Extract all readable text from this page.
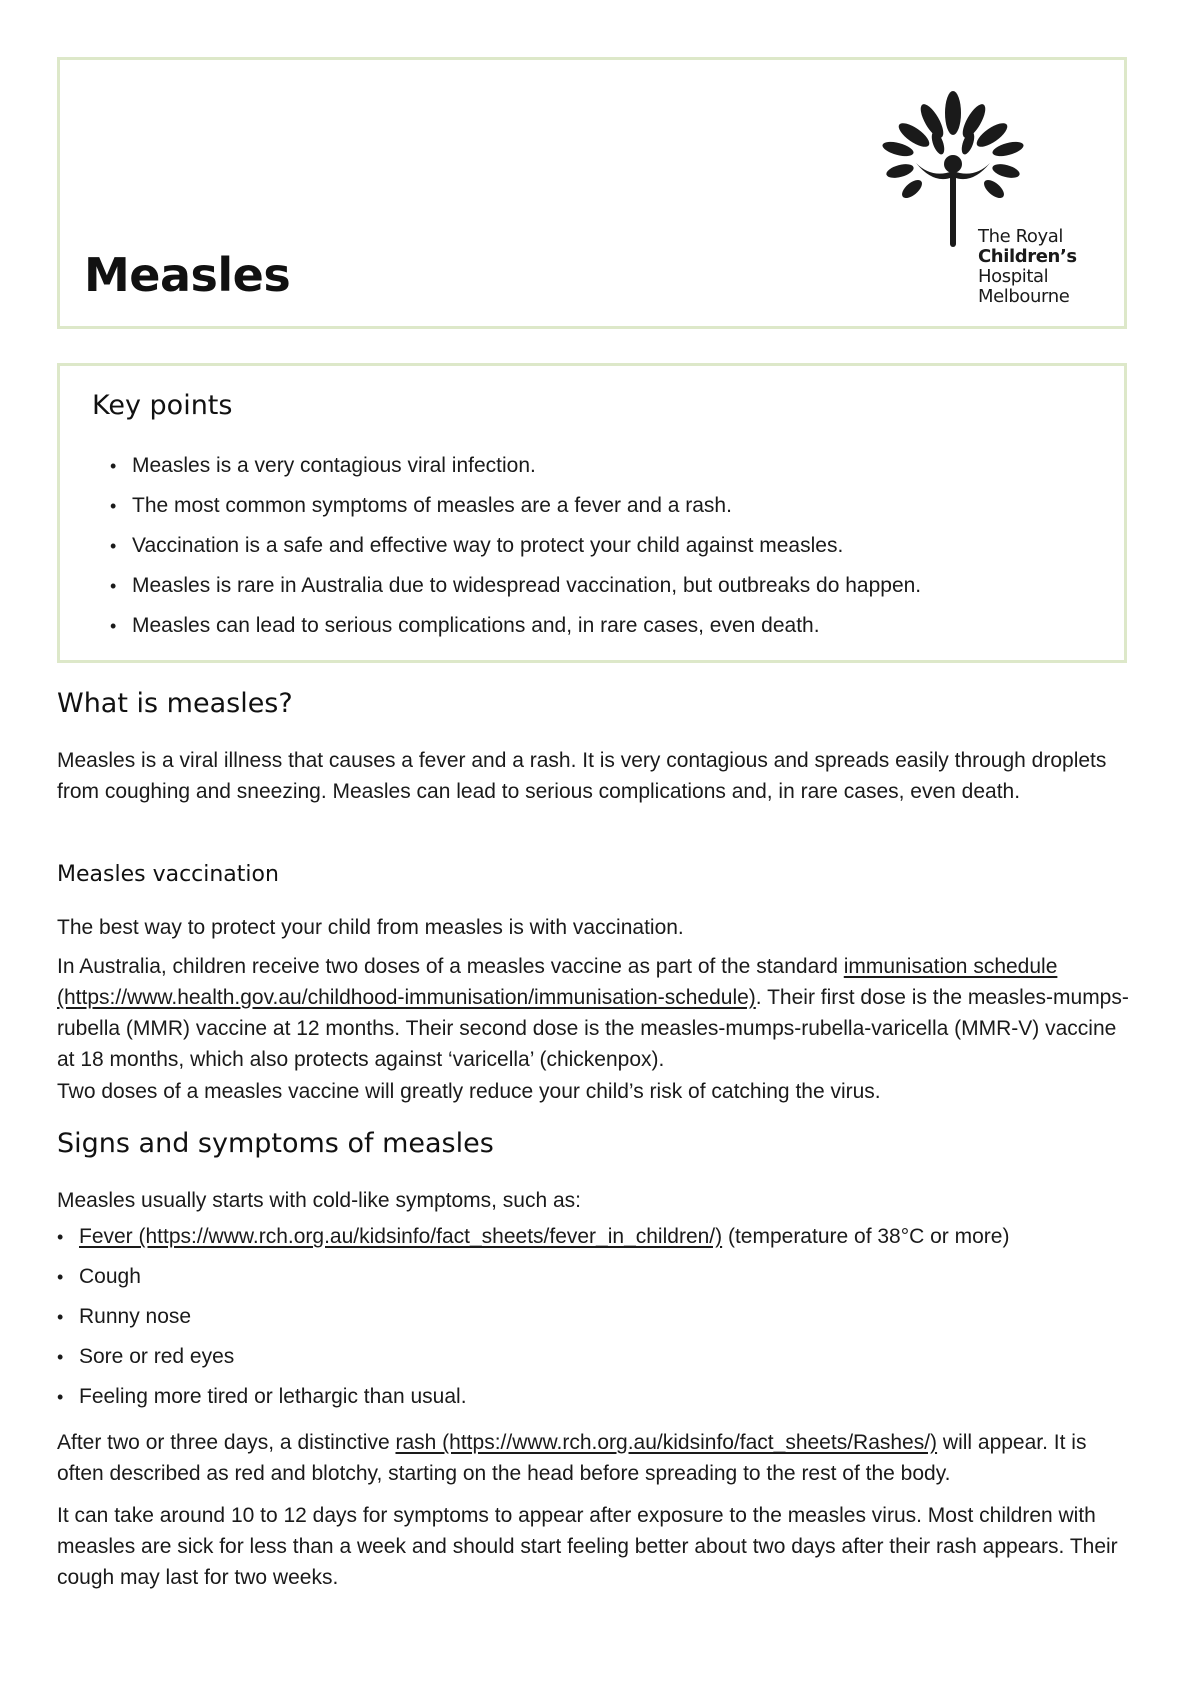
Measles
The Royal
Children’s
Hospital
Melbourne
Key points
• Measles is a very contagious viral infection.
• The most common symptoms of measles are a fever and a rash.
• Vaccination is a safe and effective way to protect your child against measles.
• Measles is rare in Australia due to widespread vaccination, but outbreaks do happen.
• Measles can lead to serious complications and, in rare cases, even death.
What is measles?

Measles is a viral illness that causes a fever and a rash. It is very contagious and spreads easily through droplets from coughing and sneezing. Measles can lead to serious complications and, in rare cases, even death.

Measles vaccination

The best way to protect your child from measles is with vaccination.

In Australia, children receive two doses of a measles vaccine as part of the standard immunisation schedule (https://www.health.gov.au/childhood-immunisation/immunisation-schedule). Their first dose is the measles-mumps-rubella (MMR) vaccine at 12 months. Their second dose is the measles-mumps-rubella-varicella (MMR-V) vaccine at 18 months, which also protects against ‘varicella’ (chickenpox).

Two doses of a measles vaccine will greatly reduce your child’s risk of catching the virus.

Signs and symptoms of measles

Measles usually starts with cold-like symptoms, such as:

• Fever (https://www.rch.org.au/kidsinfo/fact_sheets/fever_in_children/) (temperature of 38°C or more)
• Cough
• Runny nose
• Sore or red eyes
• Feeling more tired or lethargic than usual.

After two or three days, a distinctive rash (https://www.rch.org.au/kidsinfo/fact_sheets/Rashes/) will appear. It is often described as red and blotchy, starting on the head before spreading to the rest of the body.

It can take around 10 to 12 days for symptoms to appear after exposure to the measles virus. Most children with measles are sick for less than a week and should start feeling better about two days after their rash appears. Their cough may last for two weeks.
